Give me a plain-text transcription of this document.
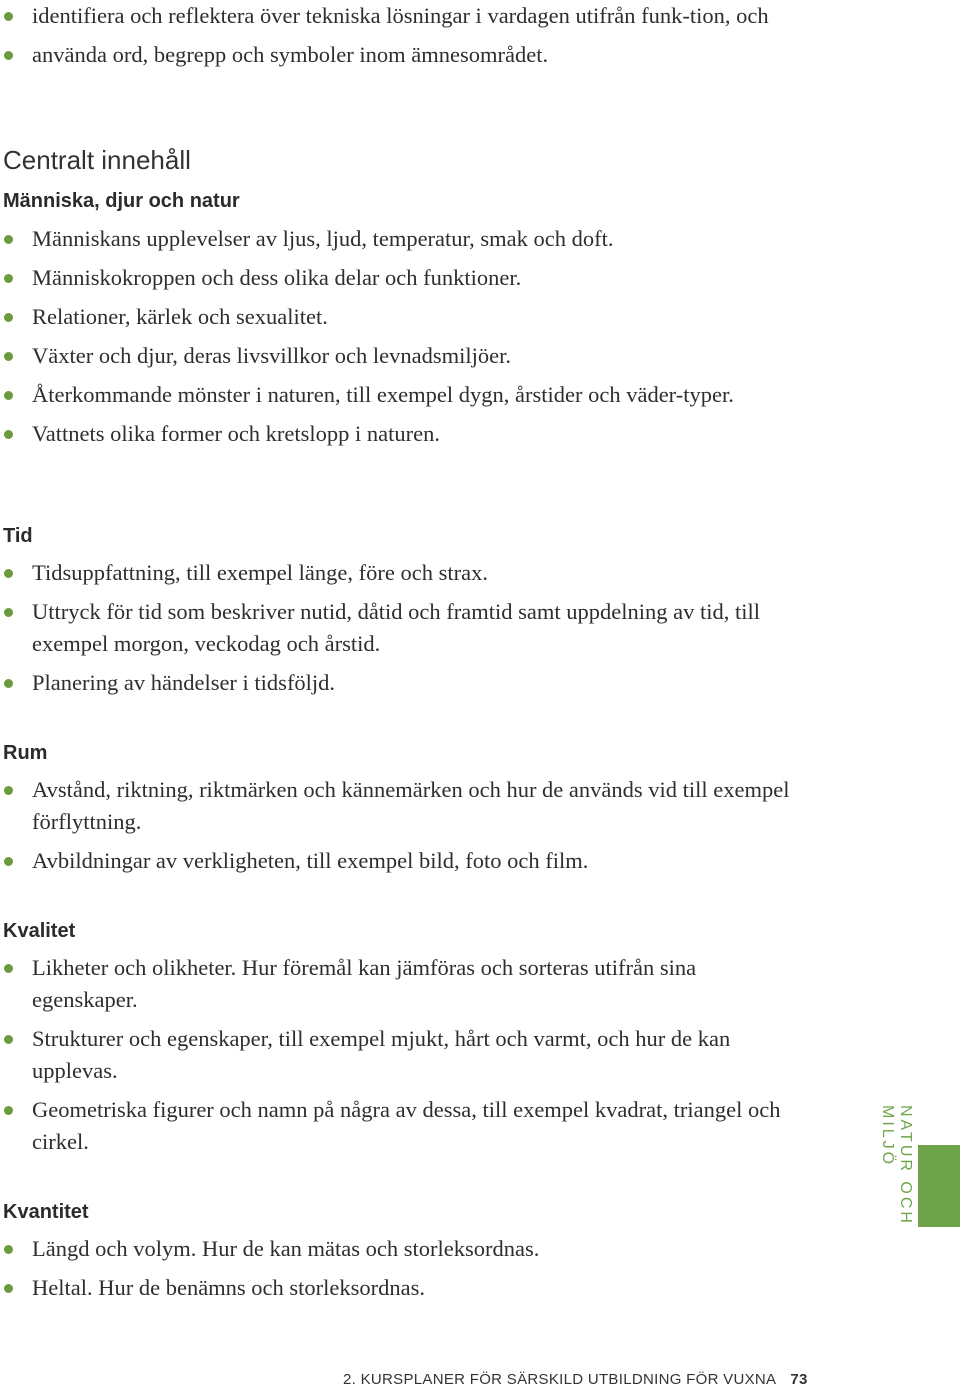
identifiera och reflektera över tekniska lösningar i vardagen utifrån funk-tion, och
använda ord, begrepp och symboler inom ämnesområdet.
Centralt innehåll
Människa, djur och natur
Människans upplevelser av ljus, ljud, temperatur, smak och doft.
Människokroppen och dess olika delar och funktioner.
Relationer, kärlek och sexualitet.
Växter och djur, deras livsvillkor och levnadsmiljöer.
Återkommande mönster i naturen, till exempel dygn, årstider och väder-typer.
Vattnets olika former och kretslopp i naturen.
Tid
Tidsuppfattning, till exempel länge, före och strax.
Uttryck för tid som beskriver nutid, dåtid och framtid samt uppdelning av tid, till exempel morgon, veckodag och årstid.
Planering av händelser i tidsföljd.
Rum
Avstånd, riktning, riktmärken och kännemärken och hur de används vid till exempel förflyttning.
Avbildningar av verkligheten, till exempel bild, foto och film.
Kvalitet
Likheter och olikheter. Hur föremål kan jämföras och sorteras utifrån sina egenskaper.
Strukturer och egenskaper, till exempel mjukt, hårt och varmt, och hur de kan upplevas.
Geometriska figurer och namn på några av dessa, till exempel kvadrat, triangel och cirkel.
Kvantitet
Längd och volym. Hur de kan mätas och storleksordnas.
Heltal. Hur de benämns och storleksordnas.
NATUR OCH MILJÖ
2. KURSPLANER FÖR SÄRSKILD UTBILDNING FÖR VUXNA 73
